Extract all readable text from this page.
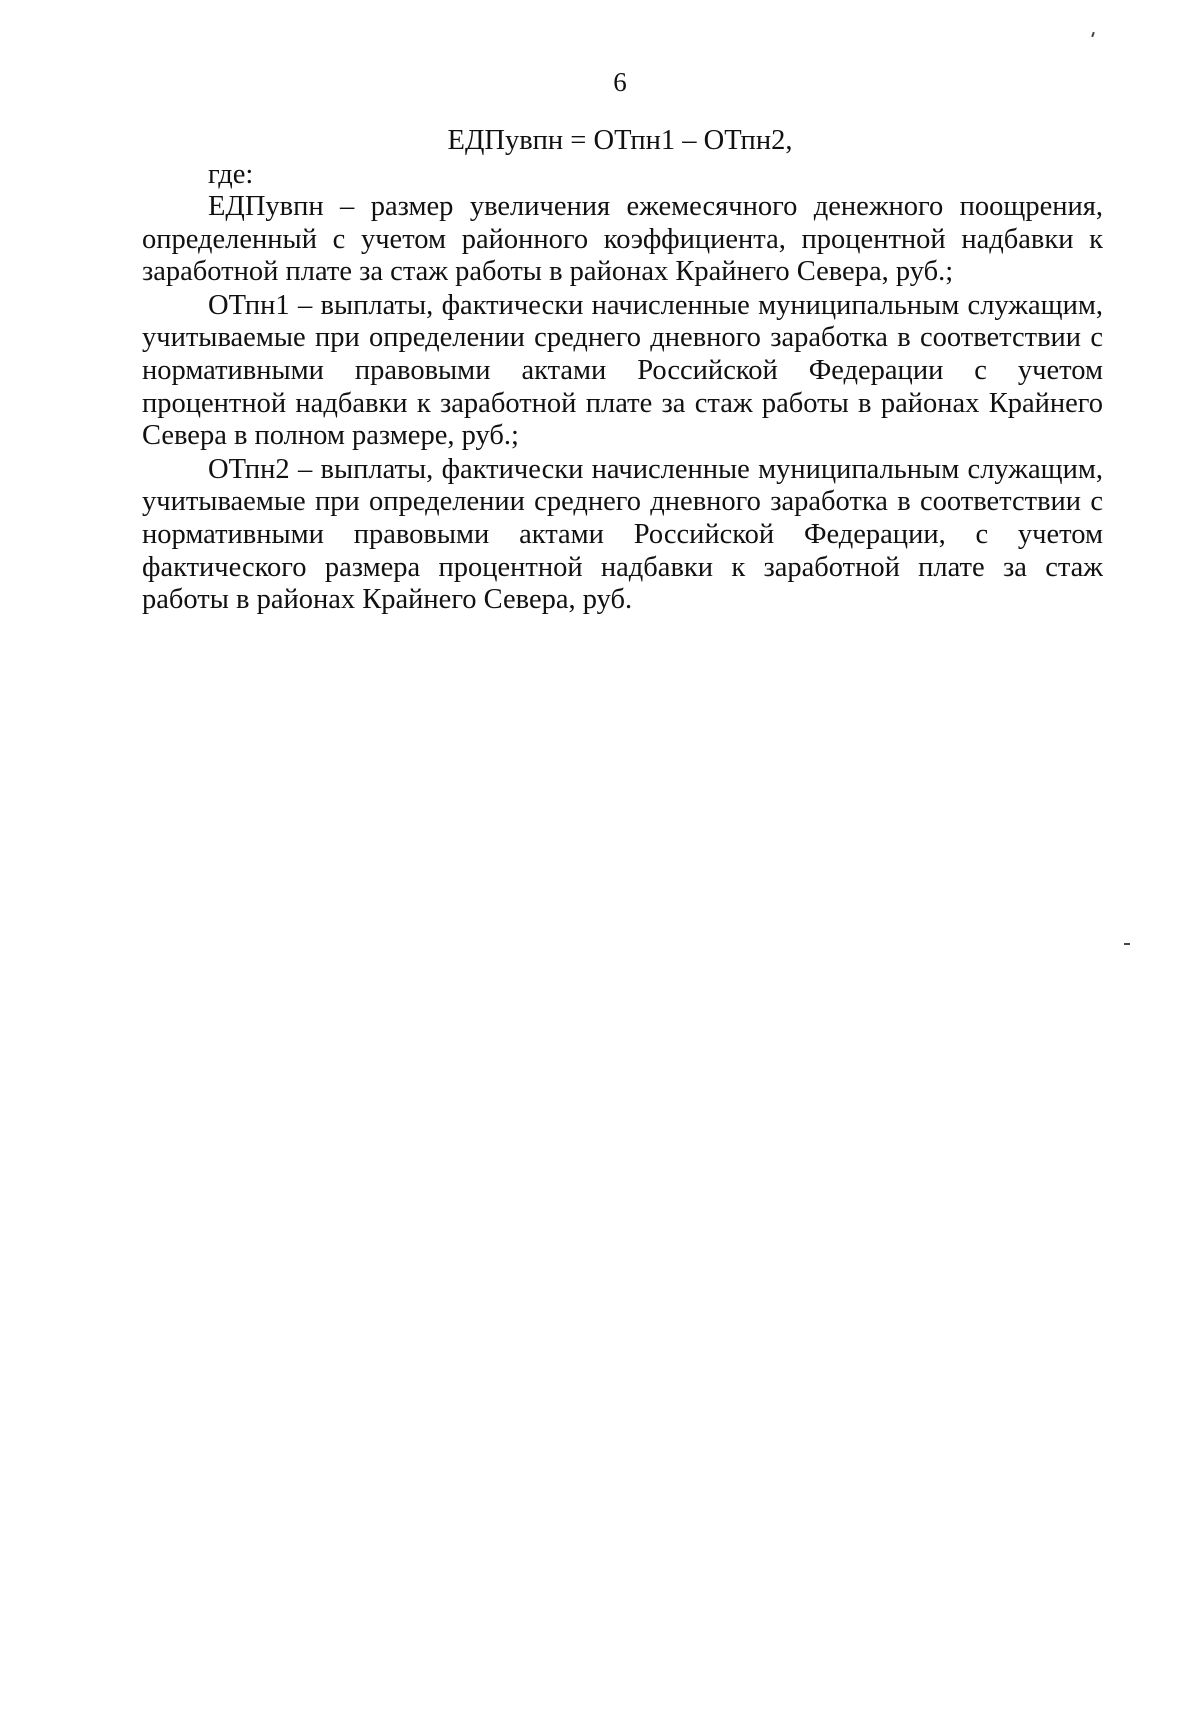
6
ЕДПувпн = ОТпн1 – ОТпн2,
где:

ЕДПувпн – размер увеличения ежемесячного денежного поощрения, определенный с учетом районного коэффициента, процентной надбавки к заработной плате за стаж работы в районах Крайнего Севера, руб.;

ОТпн1 – выплаты, фактически начисленные муниципальным служащим, учитываемые при определении среднего дневного заработка в соответствии с нормативными правовыми актами Российской Федерации с учетом процентной надбавки к заработной плате за стаж работы в районах Крайнего Севера в полном размере, руб.;

ОТпн2 – выплаты, фактически начисленные муниципальным служащим, учитываемые при определении среднего дневного заработка в соответствии с нормативными правовыми актами Российской Федерации, с учетом фактического размера процентной надбавки к заработной плате за стаж работы в районах Крайнего Севера, руб.
